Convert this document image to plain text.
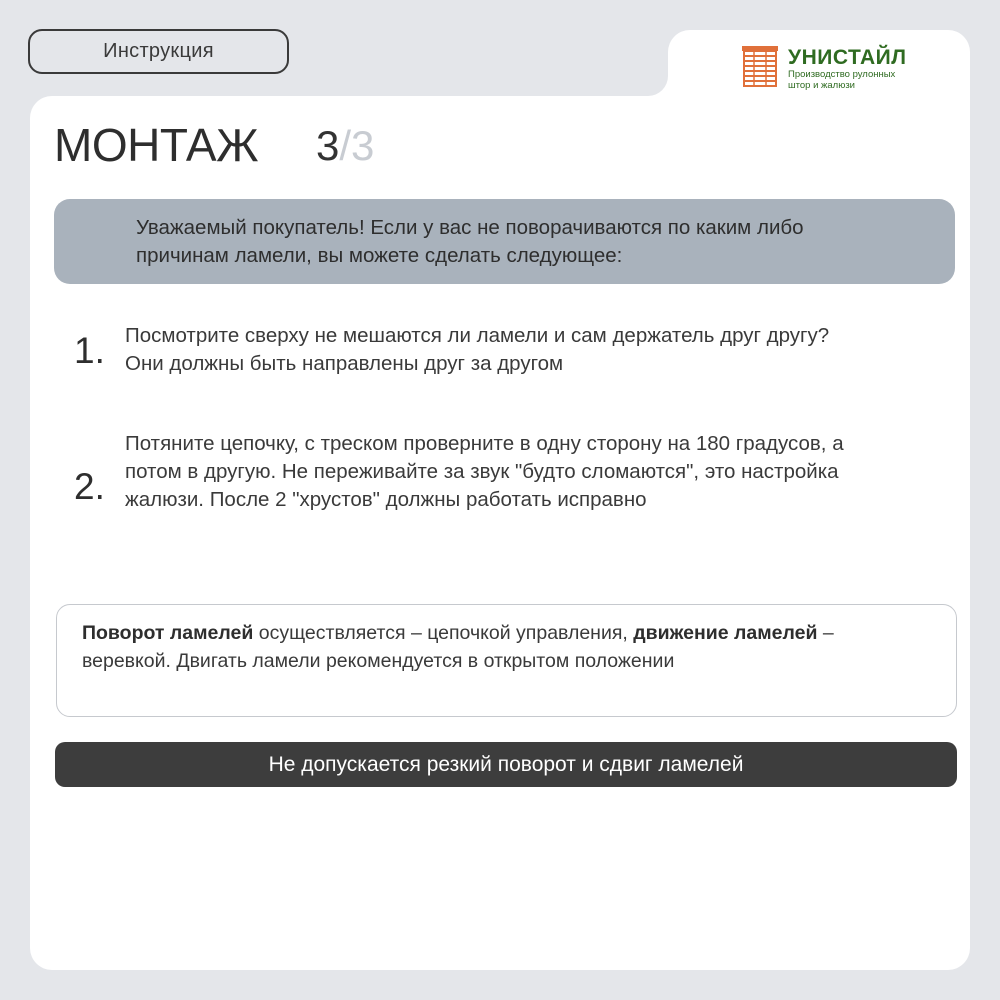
Инструкция	УНИСТАЙЛ
Производство рулонных штор и жалюзи
МОНТАЖ 3/3
Уважаемый покупатель! Если у вас не поворачиваются по каким либо причинам ламели, вы можете сделать следующее:
1. Посмотрите сверху не мешаются ли ламели и сам держатель друг другу? Они должны быть направлены друг за другом
2.
Потяните цепочку, с треском проверните в одну сторону на 180 градусов, а потом в другую. Не переживайте за звук "будто сломаются", это настройка жалюзи. После 2 "хрустов" должны работать исправно
Поворот ламелей осуществляется – цепочкой управления, движение ламелей – веревкой. Двигать ламели рекомендуется в открытом положении
Не допускается резкий поворот и сдвиг ламелей
